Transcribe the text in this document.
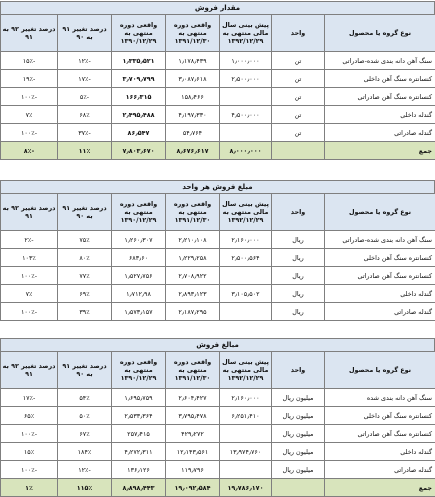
مقدار فروش
نوع گروه یا محصول	واحد	پیش بینی سال مالی منتهی به ۱۳۹۲/۱۲/۲۹	واقعی دوره منتهی به ۱۳۹۱/۱۲/۳۰	واقعی دوره منتهی به ۱۳۹۰/۱۲/۲۹	درصد تغییر ۹۱ به ۹۰	درصد تغییر ۹۲ به ۹۱
سنگ آهن دانه بندی شده-صادراتی	تن	۱٫۰۰۰٫۰۰۰	۱٫۱۷۸٫۴۳۹	۱٫۳۳۵٫۵۲۱	-۱۲٪	-۱۵٪
کنسانتره سنگ آهن داخلی	تن	۲٫۵۰۰٫۰۰۰	۳٫۰۸۷٫۶۱۸	۳٫۷۰۹٫۷۹۹	-۱۷٪	-۱۹٪
کنسانتره سنگ آهن صادراتی	تن		۱۵۸٫۴۶۶	۱۶۶٫۳۱۵	-۵٪	-۱۰۰٪
گندله داخلی	تن	۴٫۵۰۰٫۰۰۰	۴٫۱۹۷٫۳۳۰	۲٫۴۹۵٫۴۸۸	۶۸٪	۷٪
گندله صادراتی	تن		۵۴٫۷۶۴	۸۶٫۵۴۷	-۳۷٪	-۱۰۰٪
جمع		۸٫۰۰۰٫۰۰۰	۸٫۶۷۶٫۶۱۷	۷٫۸۰۳٫۶۷۰	۱۱٪	-۸٪
مبلغ فروش هر واحد
نوع گروه یا محصول	واحد	پیش بینی سال مالی منتهی به ۱۳۹۲/۱۲/۲۹	واقعی دوره منتهی به ۱۳۹۱/۱۲/۳۰	واقعی دوره منتهی به ۱۳۹۰/۱۲/۲۹	درصد تغییر ۹۱ به ۹۰	درصد تغییر ۹۲ به ۹۱
سنگ آهن دانه بندی شده-صادراتی	ریال	۲٫۱۶۰٫۰۰۰	۲٫۲۱۰٫۱۰۸	۱٫۲۶۰٫۳۰۷	۷۵٪	-۲٪
کنسانتره سنگ آهن داخلی	ریال	۲٫۵۰۰٫۵۶۴	۱٫۲۲۹٫۲۵۸	۶۸۳٫۶۰	۸۰٪	۱۰۳٪
کنسانتره سنگ آهن صادراتی	ریال		۲٫۷۰۸٫۹۲۲	۱٫۵۲۷٫۷۵۶	۷۷٪	-۱۰۰٪
گندله داخلی	ریال	۳٫۱۰۵٫۵۰۲	۲٫۸۹۳٫۱۲۳	۱٫۷۱۲٫۹۸	۶۹٪	۷٪
گندله صادراتی	ریال		۲٫۱۸۷٫۲۹۵	۱٫۵۷۳٫۱۵۷	۳۹٪	-۱۰۰٪
مبالغ فروش
نوع گروه یا محصول	واحد	پیش بینی سال مالی منتهی به ۱۳۹۲/۱۲/۲۹	واقعی دوره منتهی به ۱۳۹۱/۱۲/۳۰	واقعی دوره منتهی به ۱۳۹۰/۱۲/۲۹	درصد تغییر ۹۱ به ۹۰	درصد تغییر ۹۲ به ۹۱
سنگ آهن دانه بندی شده	میلیون ریال	۲٫۱۶۰٫۰۰۰	۲٫۶۰۴٫۴۲۷	۱٫۶۹۵٫۷۵۹	۵۴٪	-۱۷٪
کنسانتره سنگ آهن داخلی	میلیون ریال	۶٫۲۵۱٫۴۱۰	۳٫۷۹۵٫۴۷۸	۲٫۵۳۳٫۳۶۴	۵۰٪	۶۵٪
کنسانتره سنگ آهن صادراتی	میلیون ریال		۴۲۹٫۲۷۲	۲۵۷٫۴۱۵	۶۷٪	-۱۰۰٪
گندله داخلی	میلیون ریال	۱۳٫۹۷۴٫۷۶۰	۱۲٫۱۴۳٫۵۶۱	۴٫۲۷۲٫۳۱۱	۱۸۴٪	۱۵٪
گندله صادراتی	میلیون ریال		۱۱۹٫۷۹۶	۱۳۶٫۱۲۶	-۱۲٪	-۱۰۰٪
جمع		۱۹٫۷۸۶٫۱۷۰	۱۹٫۰۹۲٫۵۸۴	۸٫۸۹۸٫۴۴۳	۱۱۵٪	۱٪
